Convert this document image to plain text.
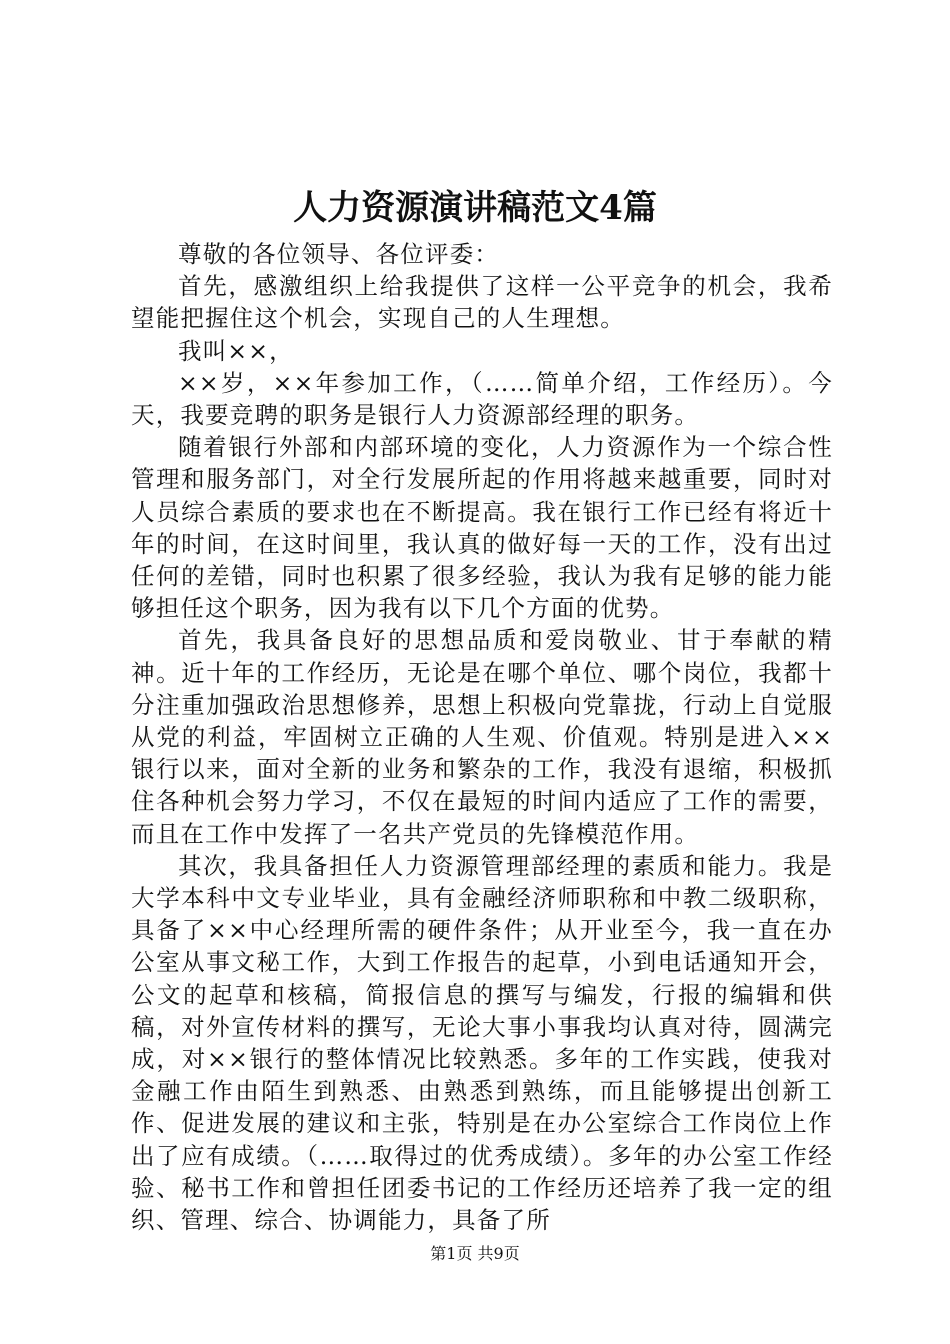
人力资源演讲稿范文4篇

尊敬的各位领导、各位评委：

首先，感激组织上给我提供了这样一公平竞争的机会，我希望能把握住这个机会，实现自己的人生理想。

我叫××，

××岁，××年参加工作，（……简单介绍，工作经历）。今天，我要竞聘的职务是银行人力资源部经理的职务。

随着银行外部和内部环境的变化，人力资源作为一个综合性管理和服务部门，对全行发展所起的作用将越来越重要，同时对人员综合素质的要求也在不断提高。我在银行工作已经有将近十年的时间，在这时间里，我认真的做好每一天的工作，没有出过任何的差错，同时也积累了很多经验，我认为我有足够的能力能够担任这个职务，因为我有以下几个方面的优势。

首先，我具备良好的思想品质和爱岗敬业、甘于奉献的精神。近十年的工作经历，无论是在哪个单位、哪个岗位，我都十分注重加强政治思想修养，思想上积极向党靠拢，行动上自觉服从党的利益，牢固树立正确的人生观、价值观。特别是进入××银行以来，面对全新的业务和繁杂的工作，我没有退缩，积极抓住各种机会努力学习，不仅在最短的时间内适应了工作的需要，而且在工作中发挥了一名共产党员的先锋模范作用。

其次，我具备担任人力资源管理部经理的素质和能力。我是大学本科中文专业毕业，具有金融经济师职称和中教二级职称，具备了××中心经理所需的硬件条件；从开业至今，我一直在办公室从事文秘工作，大到工作报告的起草，小到电话通知开会，公文的起草和核稿，简报信息的撰写与编发，行报的编辑和供稿，对外宣传材料的撰写，无论大事小事我均认真对待，圆满完成，对××银行的整体情况比较熟悉。多年的工作实践，使我对金融工作由陌生到熟悉、由熟悉到熟练，而且能够提出创新工作、促进发展的建议和主张，特别是在办公室综合工作岗位上作出了应有成绩。（……取得过的优秀成绩）。多年的办公室工作经验、秘书工作和曾担任团委书记的工作经历还培养了我一定的组织、管理、综合、协调能力，具备了所

第1页 共9页
